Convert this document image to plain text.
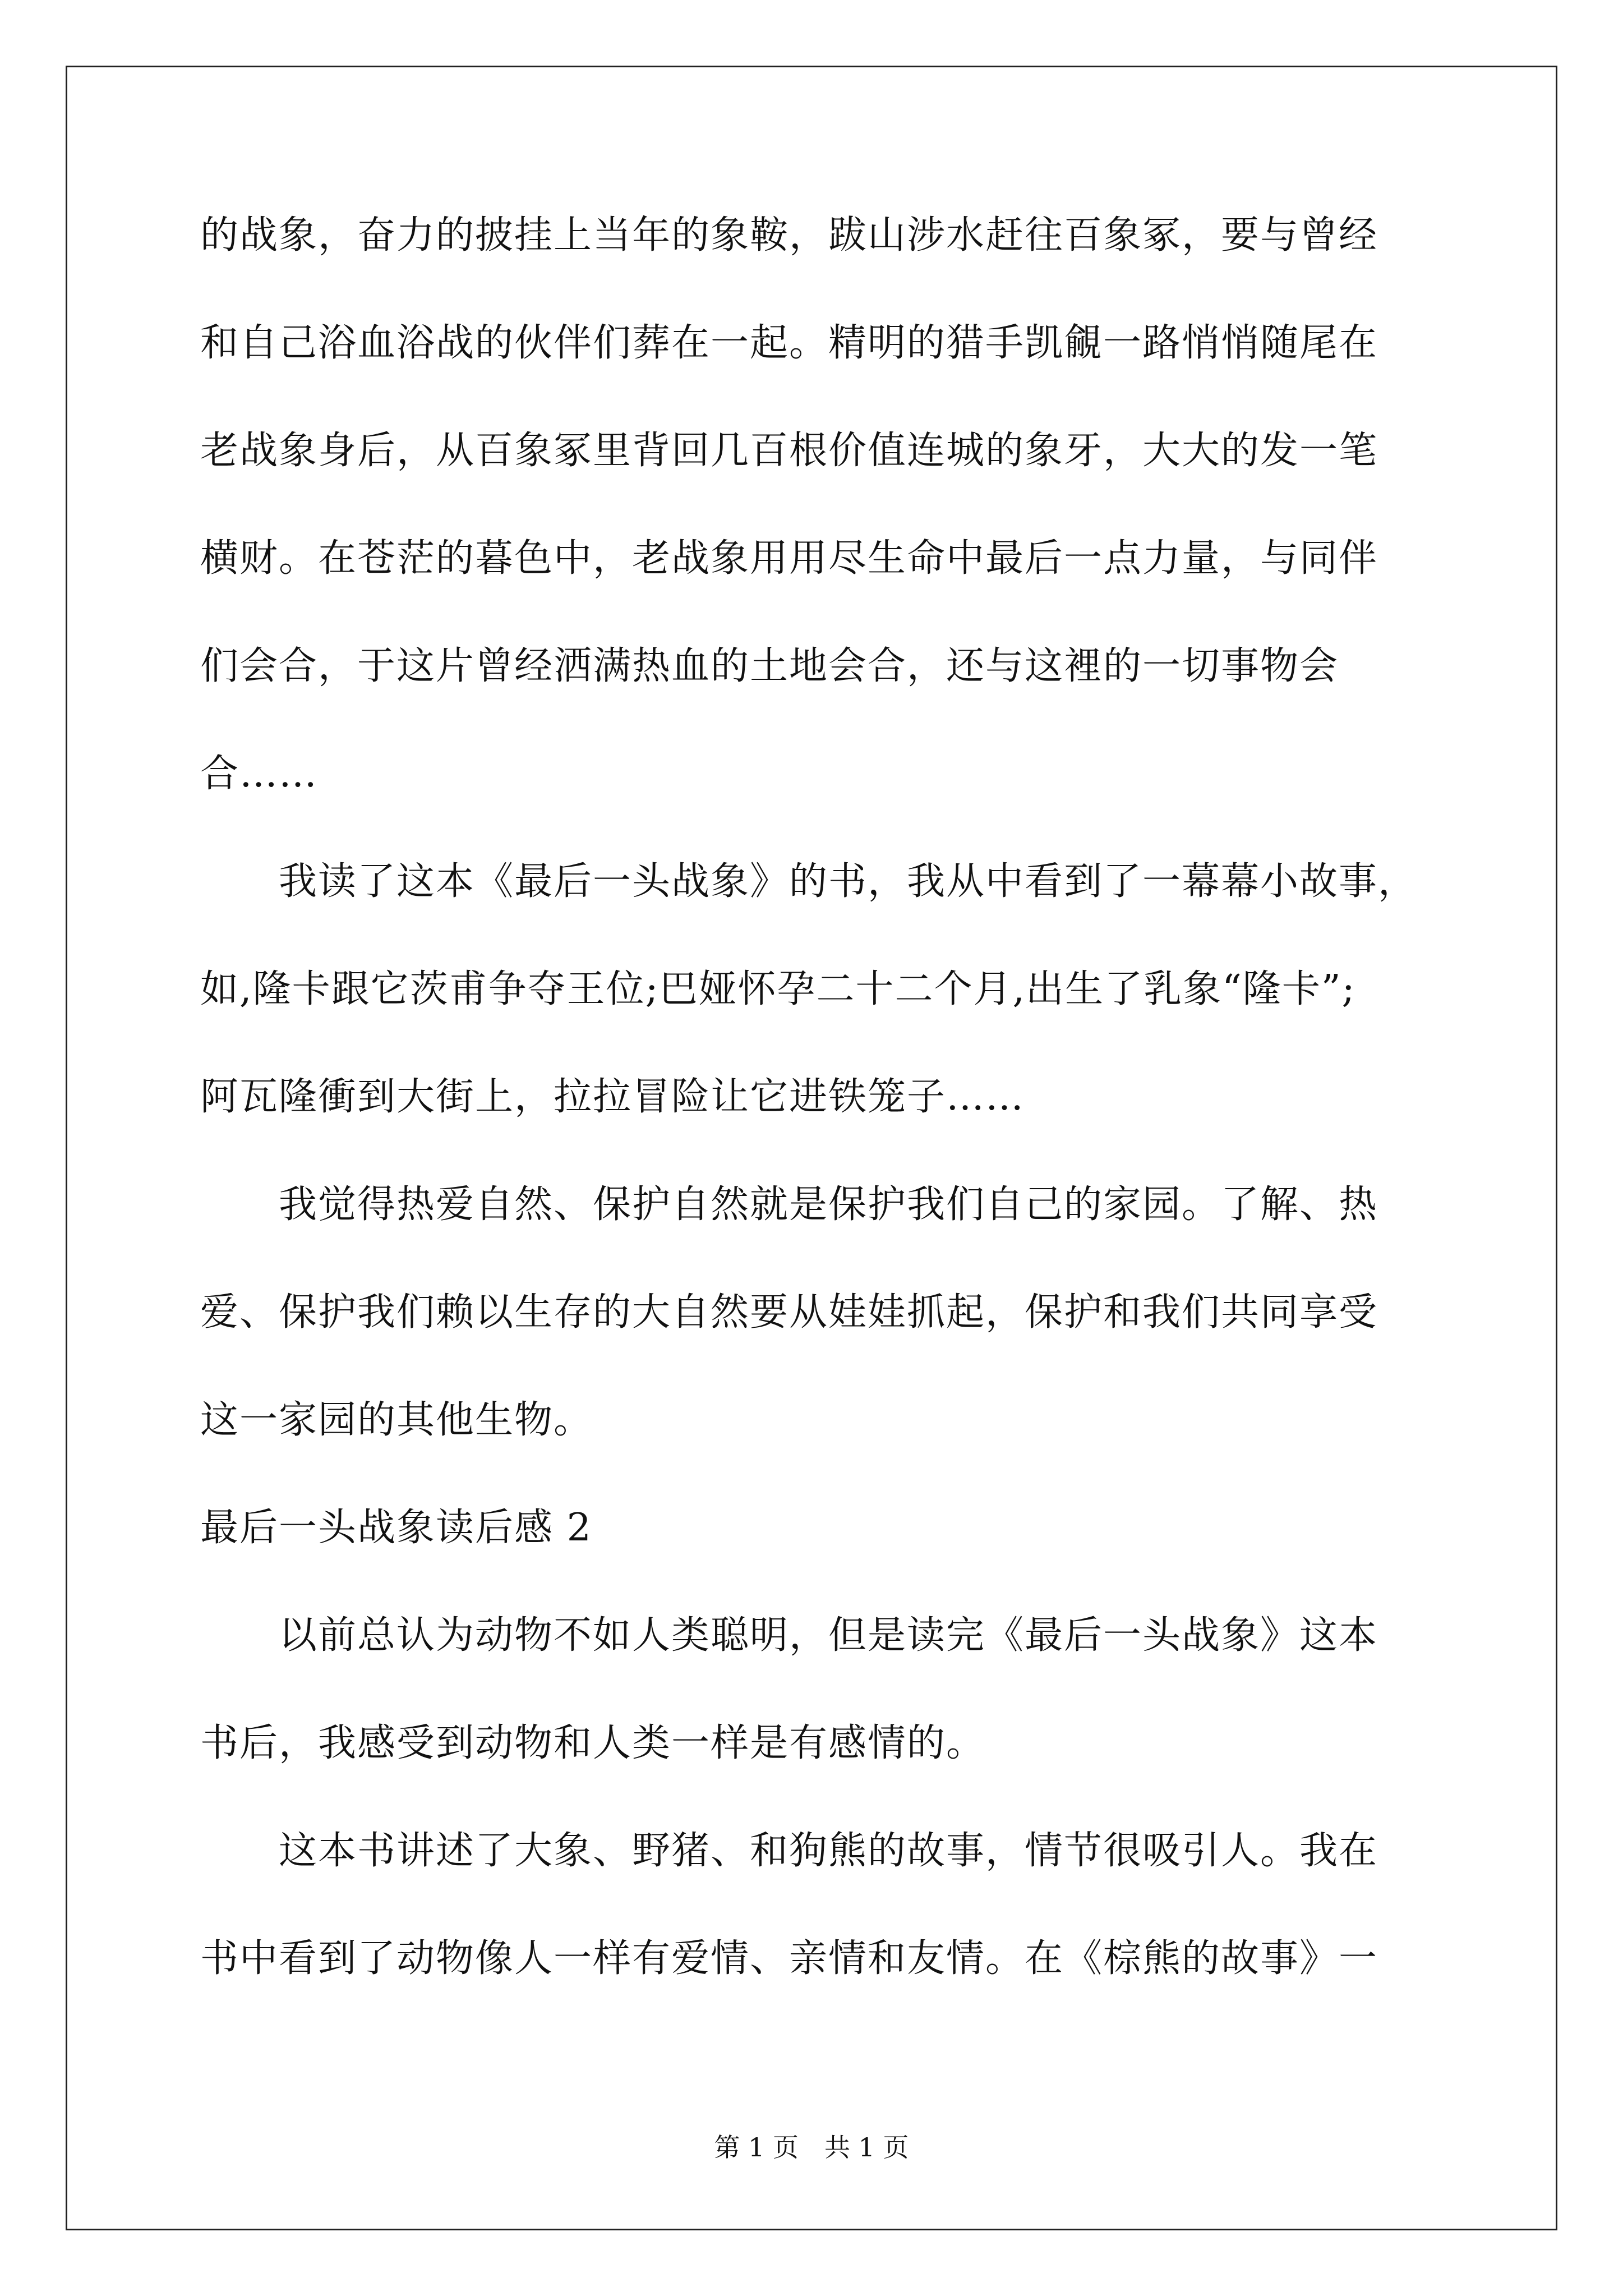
的战象，奋力的披挂上当年的象鞍，跋山涉水赶往百象冢，要与曾经
和自己浴血浴战的伙伴们葬在一起。精明的猎手凯覦一路悄悄随尾在
老战象身后，从百象冢里背回几百根价值连城的象牙，大大的发一笔
横财。在苍茫的暮色中，老战象用用尽生命中最后一点力量，与同伴
们会合，于这片曾经洒满热血的土地会合，还与这裡的一切事物会
合……
　　我读了这本《最后一头战象》的书，我从中看到了一幕幕小故事，
如,隆卡跟它茨甫争夺王位;巴娅怀孕二十二个月,出生了乳象“隆卡”;
阿瓦隆衝到大街上，拉拉冒险让它进铁笼子……
　　我觉得热爱自然、保护自然就是保护我们自己的家园。了解、热
爱、保护我们赖以生存的大自然要从娃娃抓起，保护和我们共同享受
这一家园的其他生物。
最后一头战象读后感 2
　　以前总认为动物不如人类聪明，但是读完《最后一头战象》这本
书后，我感受到动物和人类一样是有感情的。
　　这本书讲述了大象、野猪、和狗熊的故事，情节很吸引人。我在
书中看到了动物像人一样有爱情、亲情和友情。在《棕熊的故事》一
第 1 页　共 1 页
